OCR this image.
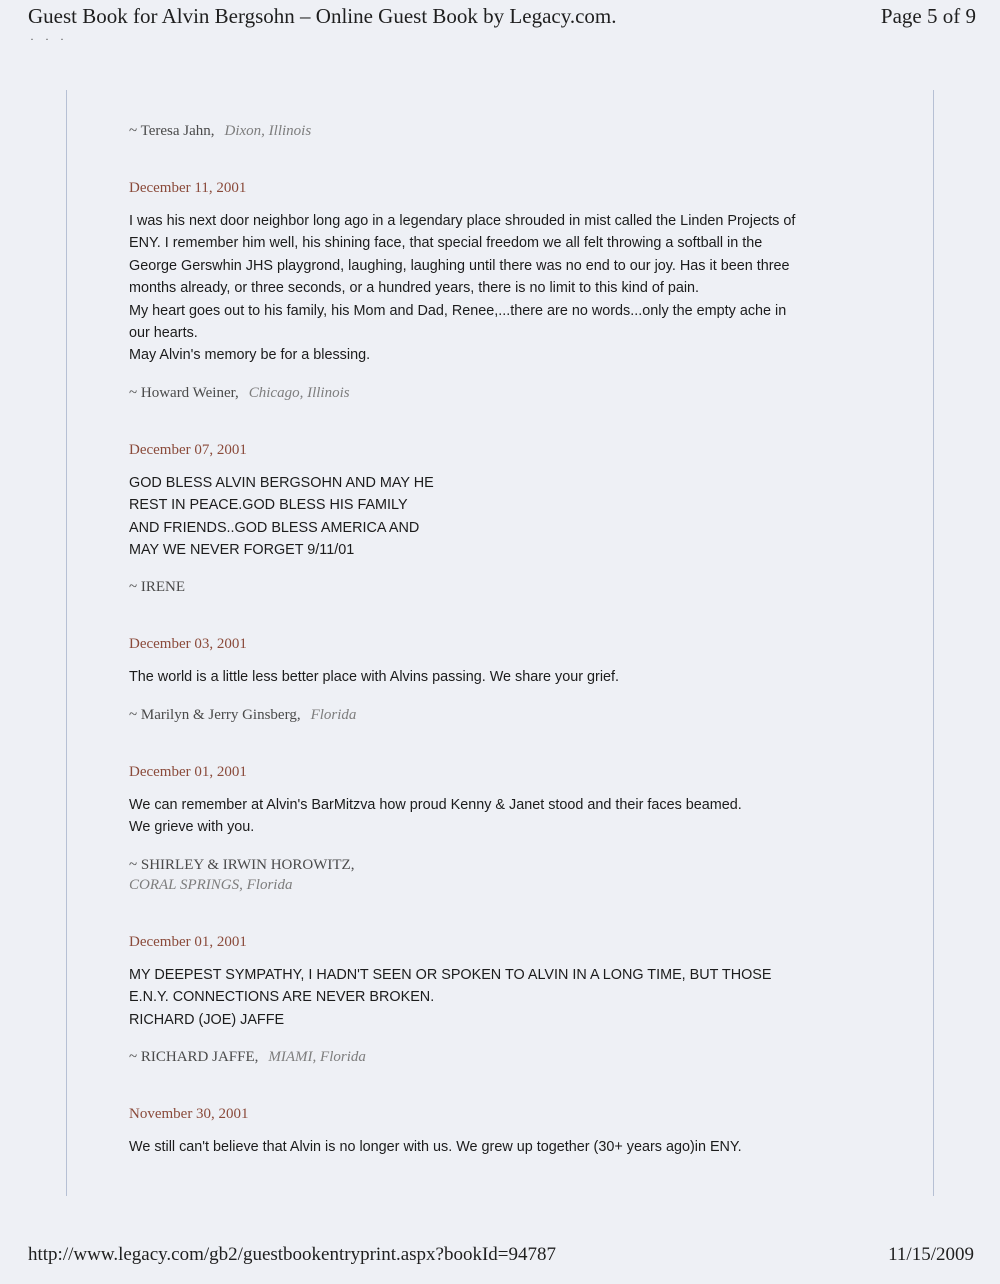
Guest Book for Alvin Bergsohn – Online Guest Book by Legacy.com.	Page 5 of 9
· · ·
~ Teresa Jahn, Dixon, Illinois
December 11, 2001
I was his next door neighbor long ago in a legendary place shrouded in mist called the Linden Projects of
ENY. I remember him well, his shining face, that special freedom we all felt throwing a softball in the
George Gerswhin JHS playgrond, laughing, laughing until there was no end to our joy. Has it been three
months already, or three seconds, or a hundred years, there is no limit to this kind of pain.
My heart goes out to his family, his Mom and Dad, Renee,...there are no words...only the empty ache in
our hearts.
May Alvin's memory be for a blessing.
~ Howard Weiner, Chicago, Illinois
December 07, 2001
GOD BLESS ALVIN BERGSOHN AND MAY HE
REST IN PEACE.GOD BLESS HIS FAMILY
AND FRIENDS..GOD BLESS AMERICA AND
MAY WE NEVER FORGET 9/11/01
~ IRENE
December 03, 2001
The world is a little less better place with Alvins passing. We share your grief.
~ Marilyn & Jerry Ginsberg, Florida
December 01, 2001
We can remember at Alvin's BarMitzva how proud Kenny & Janet stood and their faces beamed.
We grieve with you.
~ SHIRLEY & IRWIN HOROWITZ,
CORAL SPRINGS, Florida
December 01, 2001
MY DEEPEST SYMPATHY, I HADN'T SEEN OR SPOKEN TO ALVIN IN A LONG TIME, BUT THOSE
E.N.Y. CONNECTIONS ARE NEVER BROKEN.
RICHARD (JOE) JAFFE
~ RICHARD JAFFE, MIAMI, Florida
November 30, 2001
We still can't believe that Alvin is no longer with us. We grew up together (30+ years ago)in ENY.
http://www.legacy.com/gb2/guestbookentryprint.aspx?bookId=94787	11/15/2009
